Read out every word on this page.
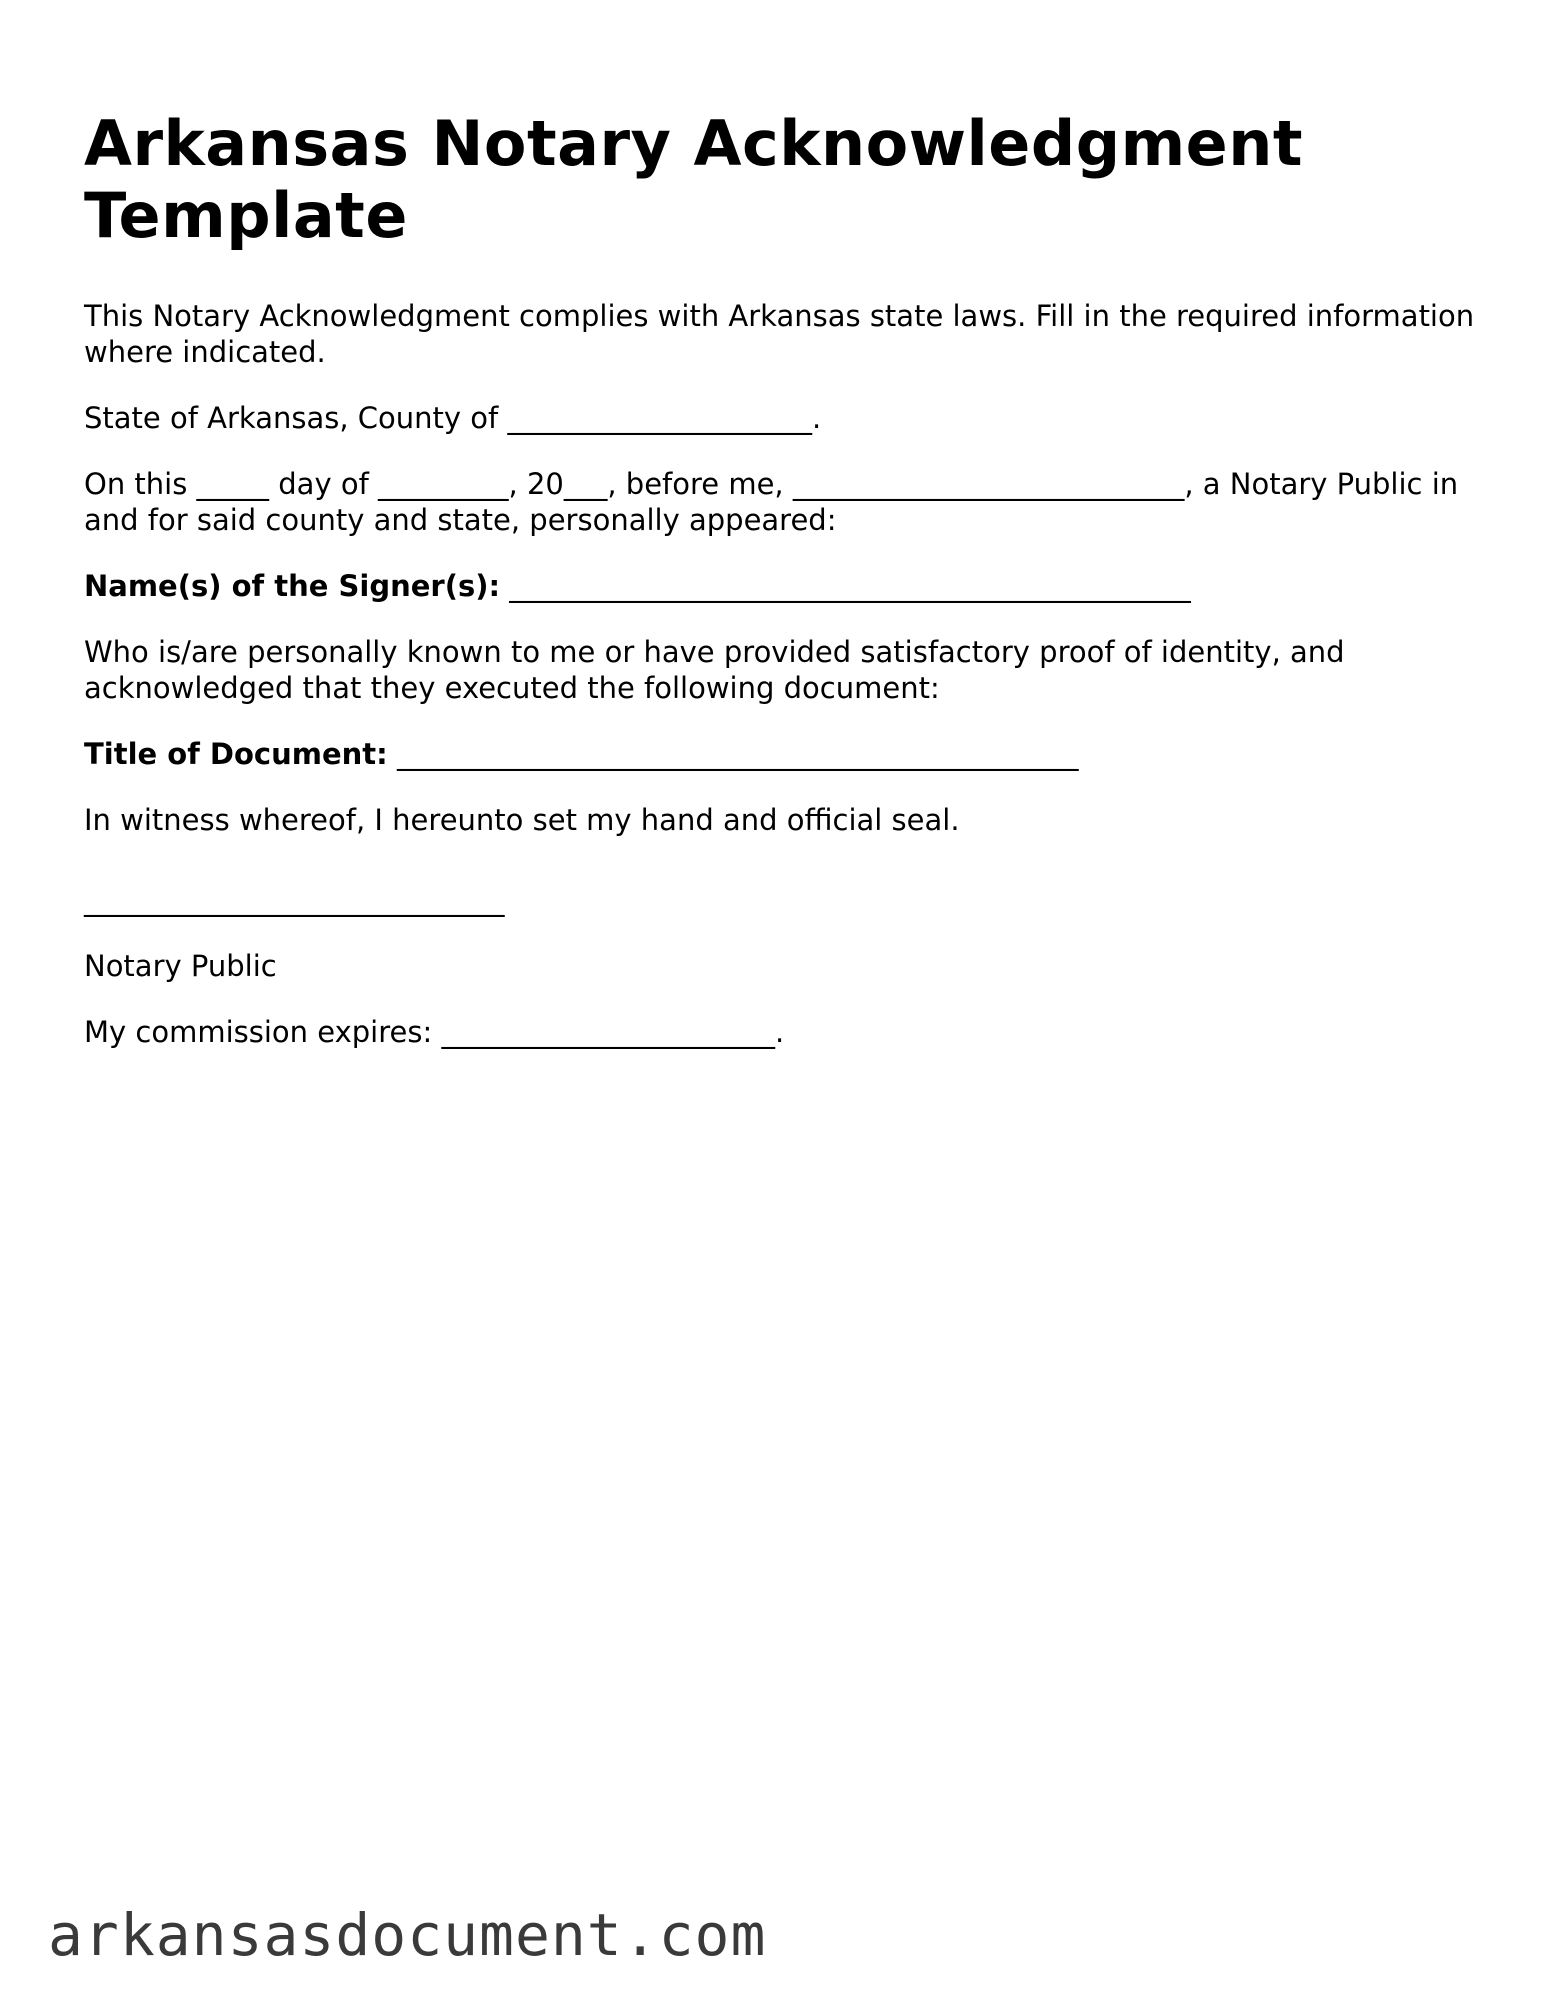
Arkansas Notary Acknowledgment Template

This Notary Acknowledgment complies with Arkansas state laws. Fill in the required information where indicated.

State of Arkansas, County of _____________________.

On this _____ day of _________, 20___, before me, ___________________________, a Notary Public in and for said county and state, personally appeared:

Name(s) of the Signer(s): _______________________________________________

Who is/are personally known to me or have provided satisfactory proof of identity, and acknowledged that they executed the following document:

Title of Document: _______________________________________________

In witness whereof, I hereunto set my hand and official seal.

_____________________________

Notary Public

My commission expires: _______________________.

arkansasdocument.com
